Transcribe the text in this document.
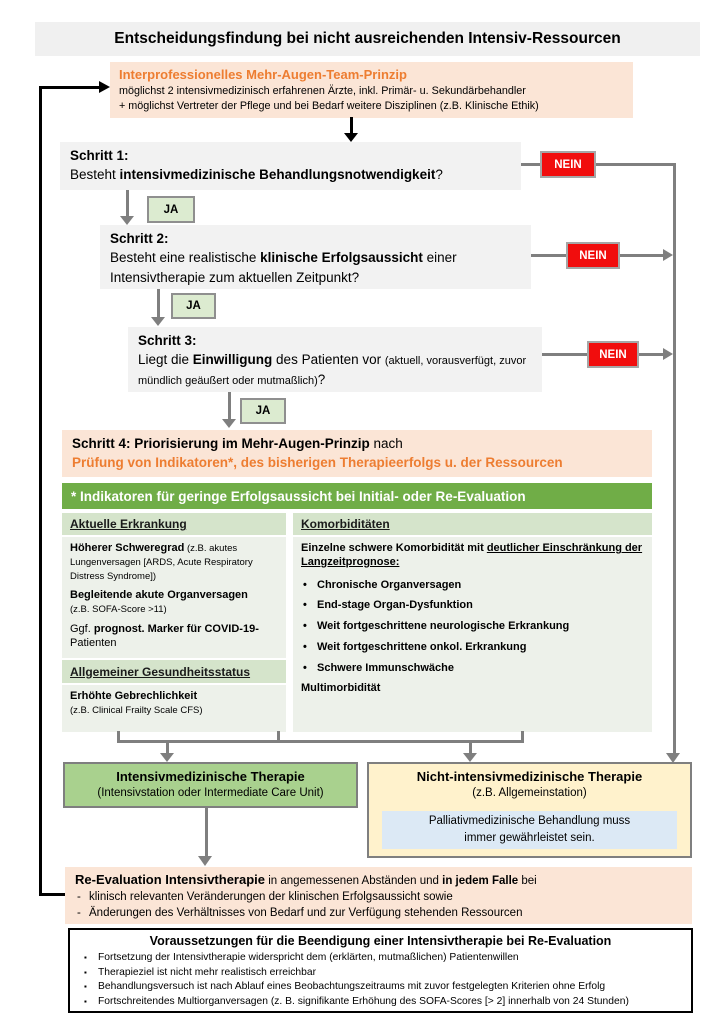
Entscheidungsfindung bei nicht ausreichenden Intensiv-Ressourcen
Interprofessionelles Mehr-Augen-Team-Prinzip
möglichst 2 intensivmedizinisch erfahrenen Ärzte, inkl. Primär- u. Sekundärbehandler
+ möglichst Vertreter der Pflege und bei Bedarf weitere Disziplinen (z.B. Klinische Ethik)
Schritt 1:
Besteht intensivmedizinische Behandlungsnotwendigkeit?
NEIN
JA
Schritt 2:
Besteht eine realistische klinische Erfolgsaussicht einer Intensivtherapie zum aktuellen Zeitpunkt?
NEIN
JA
Schritt 3:
Liegt die Einwilligung des Patienten vor (aktuell, vorausverfügt, zuvor mündlich geäußert oder mutmaßlich)?
NEIN
JA
Schritt 4: Priorisierung im Mehr-Augen-Prinzip nach
Prüfung von Indikatoren*, des bisherigen Therapieerfolgs u. der Ressourcen
* Indikatoren für geringe Erfolgsaussicht bei Initial- oder Re-Evaluation
Aktuelle Erkrankung
Höherer Schweregrad (z.B. akutes Lungenversagen [ARDS, Acute Respiratory Distress Syndrome])
Begleitende akute Organversagen
(z.B. SOFA-Score >11)
Ggf. prognost. Marker für COVID-19-
Patienten
Allgemeiner Gesundheitsstatus
Erhöhte Gebrechlichkeit
(z.B. Clinical Frailty Scale CFS)
Komorbiditäten
Einzelne schwere Komorbidität mit deutlicher Einschränkung der Langzeitprognose:
• Chronische Organversagen
• End-stage Organ-Dysfunktion
• Weit fortgeschrittene neurologische Erkrankung
• Weit fortgeschrittene onkol. Erkrankung
• Schwere Immunschwäche
Multimorbidität
Intensivmedizinische Therapie
(Intensivstation oder Intermediate Care Unit)
Nicht-intensivmedizinische Therapie
(z.B. Allgemeinstation)
Palliativmedizinische Behandlung muss immer gewährleistet sein.
Re-Evaluation Intensivtherapie in angemessenen Abständen und in jedem Falle bei
- klinisch relevanten Veränderungen der klinischen Erfolgsaussicht sowie
- Änderungen des Verhältnisses von Bedarf und zur Verfügung stehenden Ressourcen
Voraussetzungen für die Beendigung einer Intensivtherapie bei Re-Evaluation
▪ Fortsetzung der Intensivtherapie widerspricht dem (erklärten, mutmaßlichen) Patientenwillen
▪ Therapieziel ist nicht mehr realistisch erreichbar
▪ Behandlungsversuch ist nach Ablauf eines Beobachtungszeitraums mit zuvor festgelegten Kriterien ohne Erfolg
▪ Fortschreitendes Multiorganversagen (z. B. signifikante Erhöhung des SOFA-Scores [> 2] innerhalb von 24 Stunden)
